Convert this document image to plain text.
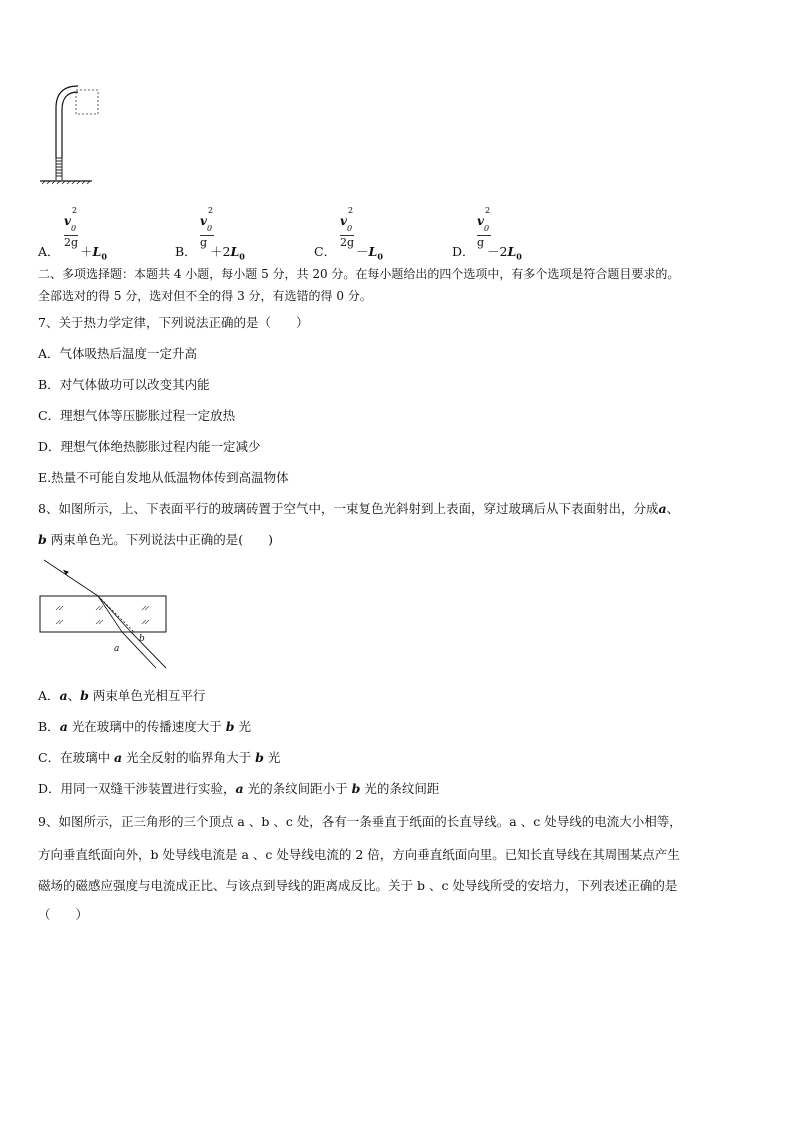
2
v
0
2g
A． $+L_0$
2
v
0
g
B． $+2L_0$
2
v
0
2g
C． $-L_0$
2
v
0
g
D． $-2L_0$
二、多项选择题：本题共 4 小题，每小题 5 分，共 20 分。在每小题给出的四个选项中，有多个选项是符合题目要求的。
全部选对的得 5 分，选对但不全的得 3 分，有选错的得 0 分。
7、关于热力学定律，下列说法正确的是（　　）
A．气体吸热后温度一定升高
B．对气体做功可以改变其内能
C．理想气体等压膨胀过程一定放热
D．理想气体绝热膨胀过程内能一定减少
E.热量不可能自发地从低温物体传到高温物体
8、如图所示，上、下表面平行的玻璃砖置于空气中，一束复色光斜射到上表面，穿过玻璃后从下表面射出，分成a、
b 两束单色光。下列说法中正确的是(　　)
a
b
A．a、b 两束单色光相互平行
B．a 光在玻璃中的传播速度大于 b 光
C．在玻璃中 a 光全反射的临界角大于 b 光
D．用同一双缝干涉装置进行实验，a 光的条纹间距小于 b 光的条纹间距
9、如图所示，正三角形的三个顶点 a 、b 、c 处，各有一条垂直于纸面的长直导线。a 、c 处导线的电流大小相等，
方向垂直纸面向外，b 处导线电流是 a 、c 处导线电流的 2 倍，方向垂直纸面向里。已知长直导线在其周围某点产生
磁场的磁感应强度与电流成正比、与该点到导线的距离成反比。关于 b 、c 处导线所受的安培力，下列表述正确的是
（　　）
